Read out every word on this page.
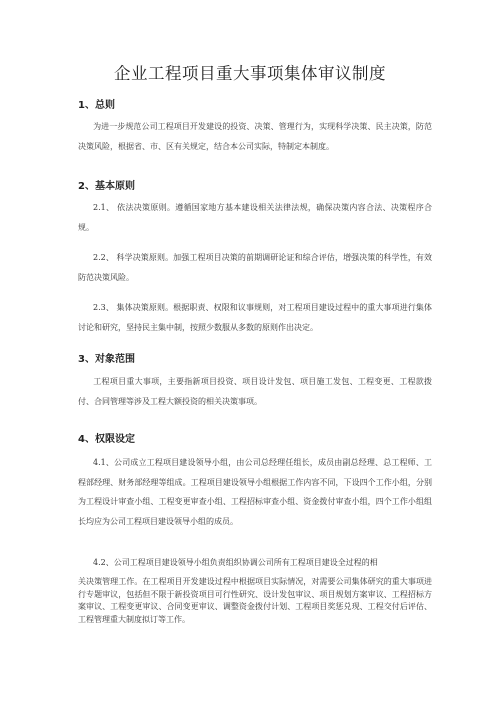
企业工程项目重大事项集体审议制度
1、总则
为进一步规范公司工程项目开发建设的投资、决策、管理行为，实现科学决策、民主决策，防范决策风险，根据省、市、区有关规定，结合本公司实际，特制定本制度。
2、基本原则
2.1、 依法决策原则。遵循国家地方基本建设相关法律法规，确保决策内容合法、决策程序合规。
2.2、 科学决策原则。加强工程项目决策的前期调研论证和综合评估，增强决策的科学性，有效防范决策风险。
2.3、 集体决策原则。根据职责、权限和议事规则，对工程项目建设过程中的重大事项进行集体讨论和研究，坚持民主集中制，按照少数服从多数的原则作出决定。
3、对象范围
工程项目重大事项，主要指新项目投资、项目设计发包、项目施工发包、工程变更、工程款拨付、合同管理等涉及工程大额投资的相关决策事项。
4、权限设定
4.1、公司成立工程项目建设领导小组，由公司总经理任组长，成员由副总经理、总工程师、工程部经理、财务部经理等组成。工程项目建设领导小组根据工作内容不同，下设四个工作小组，分别为工程设计审查小组、工程变更审查小组、工程招标审查小组、资金拨付审查小组，四个工作小组组长均应为公司工程项目建设领导小组的成员。
4.2、公司工程项目建设领导小组负责组织协调公司所有工程项目建设全过程的相
关决策管理工作。在工程项目开发建设过程中根据项目实际情况，对需要公司集体研究的重大事项进行专题审议，包括但不限于新投资项目可行性研究、设计发包审议、项目规划方案审议、工程招标方案审议、工程变更审议、合同变更审议、调整资金拨付计划、工程项目奖惩兑现、工程交付后评估、工程管理重大制度拟订等工作。
